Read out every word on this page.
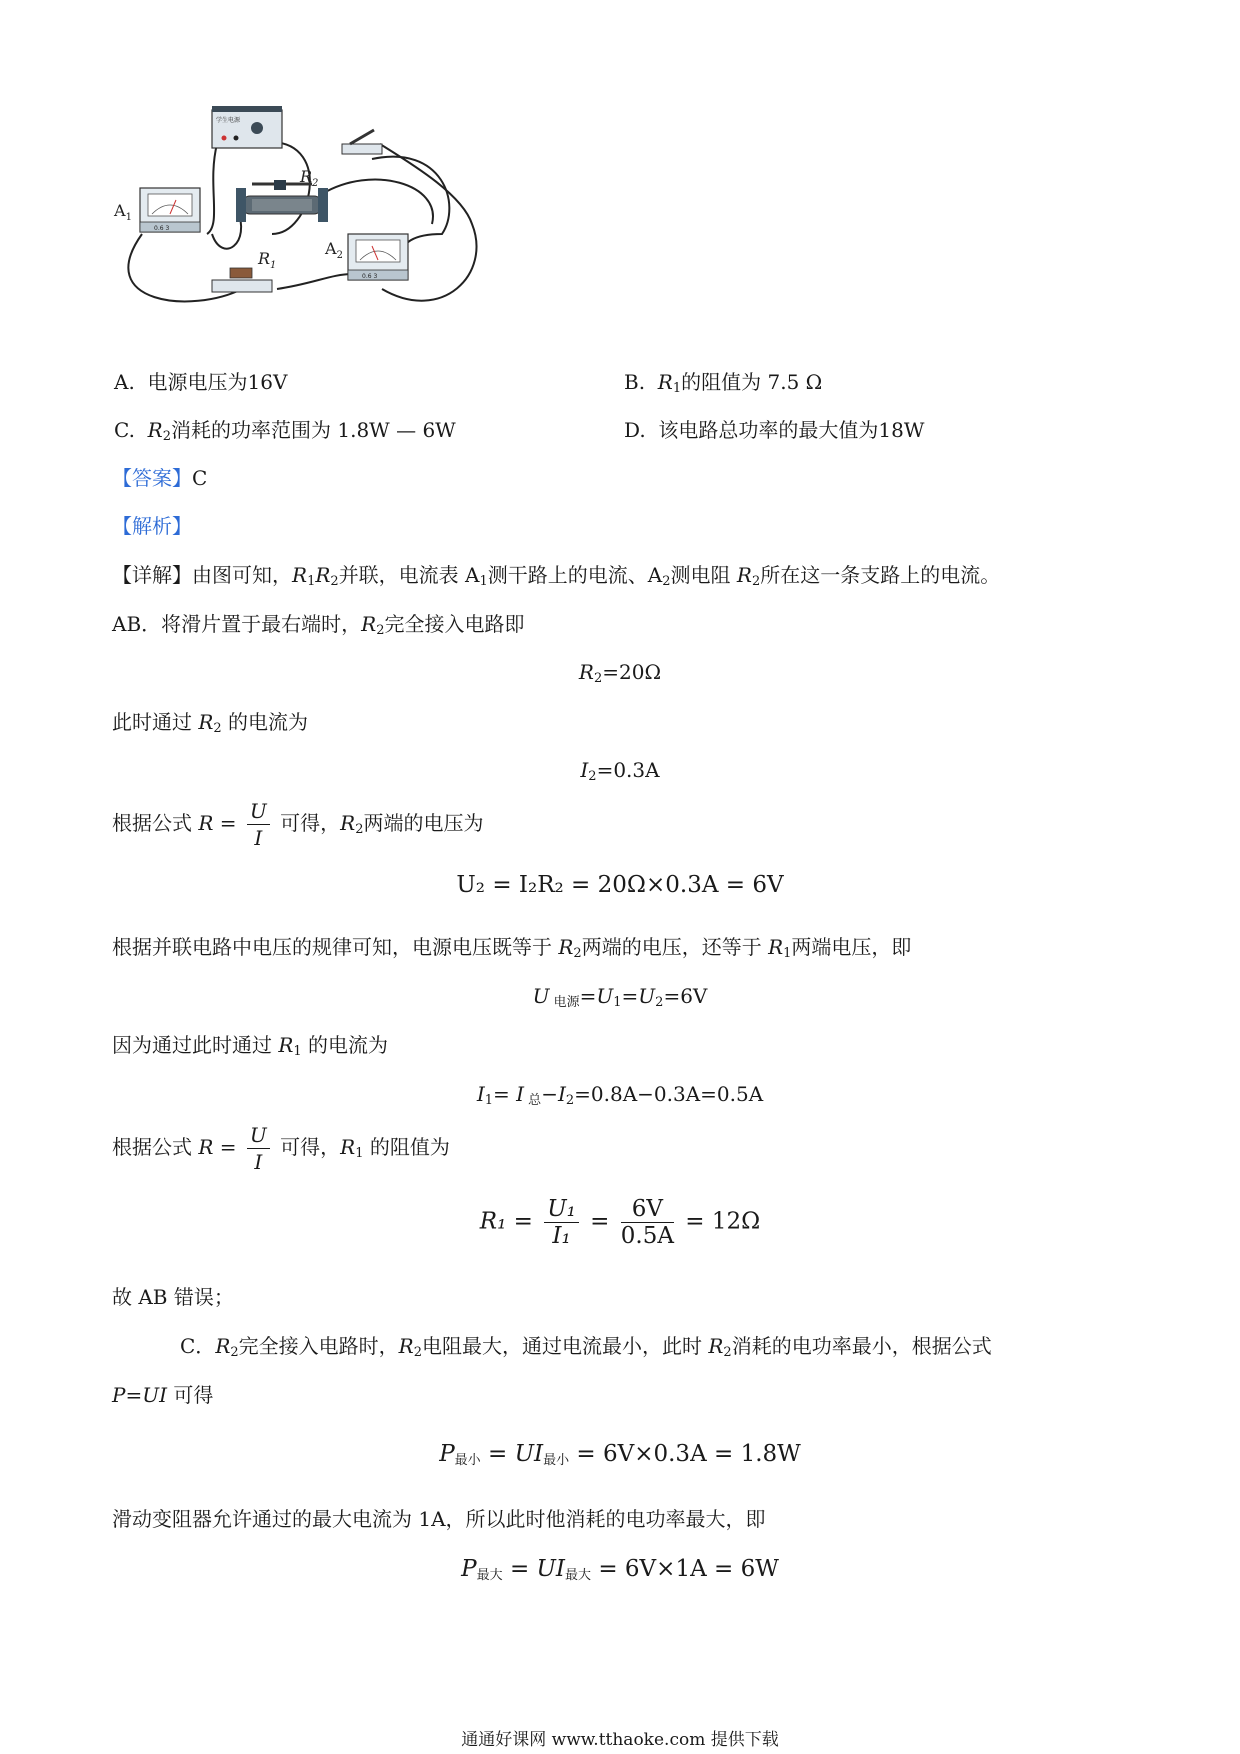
学生电源
0.6 3
$A_1$
$R_2$
0.6 3
$A_2$
$R_1$
A. 电源电压为16V	B. $R_1$的阻值为 7.5 Ω
C. $R_2$消耗的功率范围为 1.8W — 6W	D. 该电路总功率的最大值为18W
【答案】C
【解析】
【详解】由图可知，$R_1R_2$并联，电流表 $A_1$测干路上的电流、$A_2$测电阻 $R_2$所在这一条支路上的电流。
AB．将滑片置于最右端时，$R_2$完全接入电路即
$R_2=20\Omega$
此时通过 $R_2$ 的电流为
$I_2=0.3A$
根据公式 $R = \frac{U}{I}$ 可得，$R_2$两端的电压为
U₂ = I₂R₂ = 20Ω×0.3A = 6V
根据并联电路中电压的规律可知，电源电压既等于 $R_2$两端的电压，还等于 $R_1$两端电压，即
U $_{电源}=U_1=U_2=6V$
因为通过此时通过 $R_1$ 的电流为
$I_1= I$ $_总-I_2=0.8A-0.3A=0.5A$
根据公式 $R = \frac{U}{I}$ 可得，$R_1$ 的阻值为
$R_1 = \frac{\text{U₁}}{\text{I₁}} = \frac{6V}{0.5A} = 12\Omega$
故 AB 错误；
C．$R_2$完全接入电路时，$R_2$电阻最大，通过电流最小，此时 $R_2$消耗的电功率最小，根据公式
P=UI 可得
$P_{最小} = UI_{最小} = 6V\times 0.3A = 1.8W$
滑动变阻器允许通过的最大电流为 1A，所以此时他消耗的电功率最大，即
$P_{最大} = UI_{最大} = 6V\times 1A = 6W$
通通好课网 www.tthaoke.com 提供下载
